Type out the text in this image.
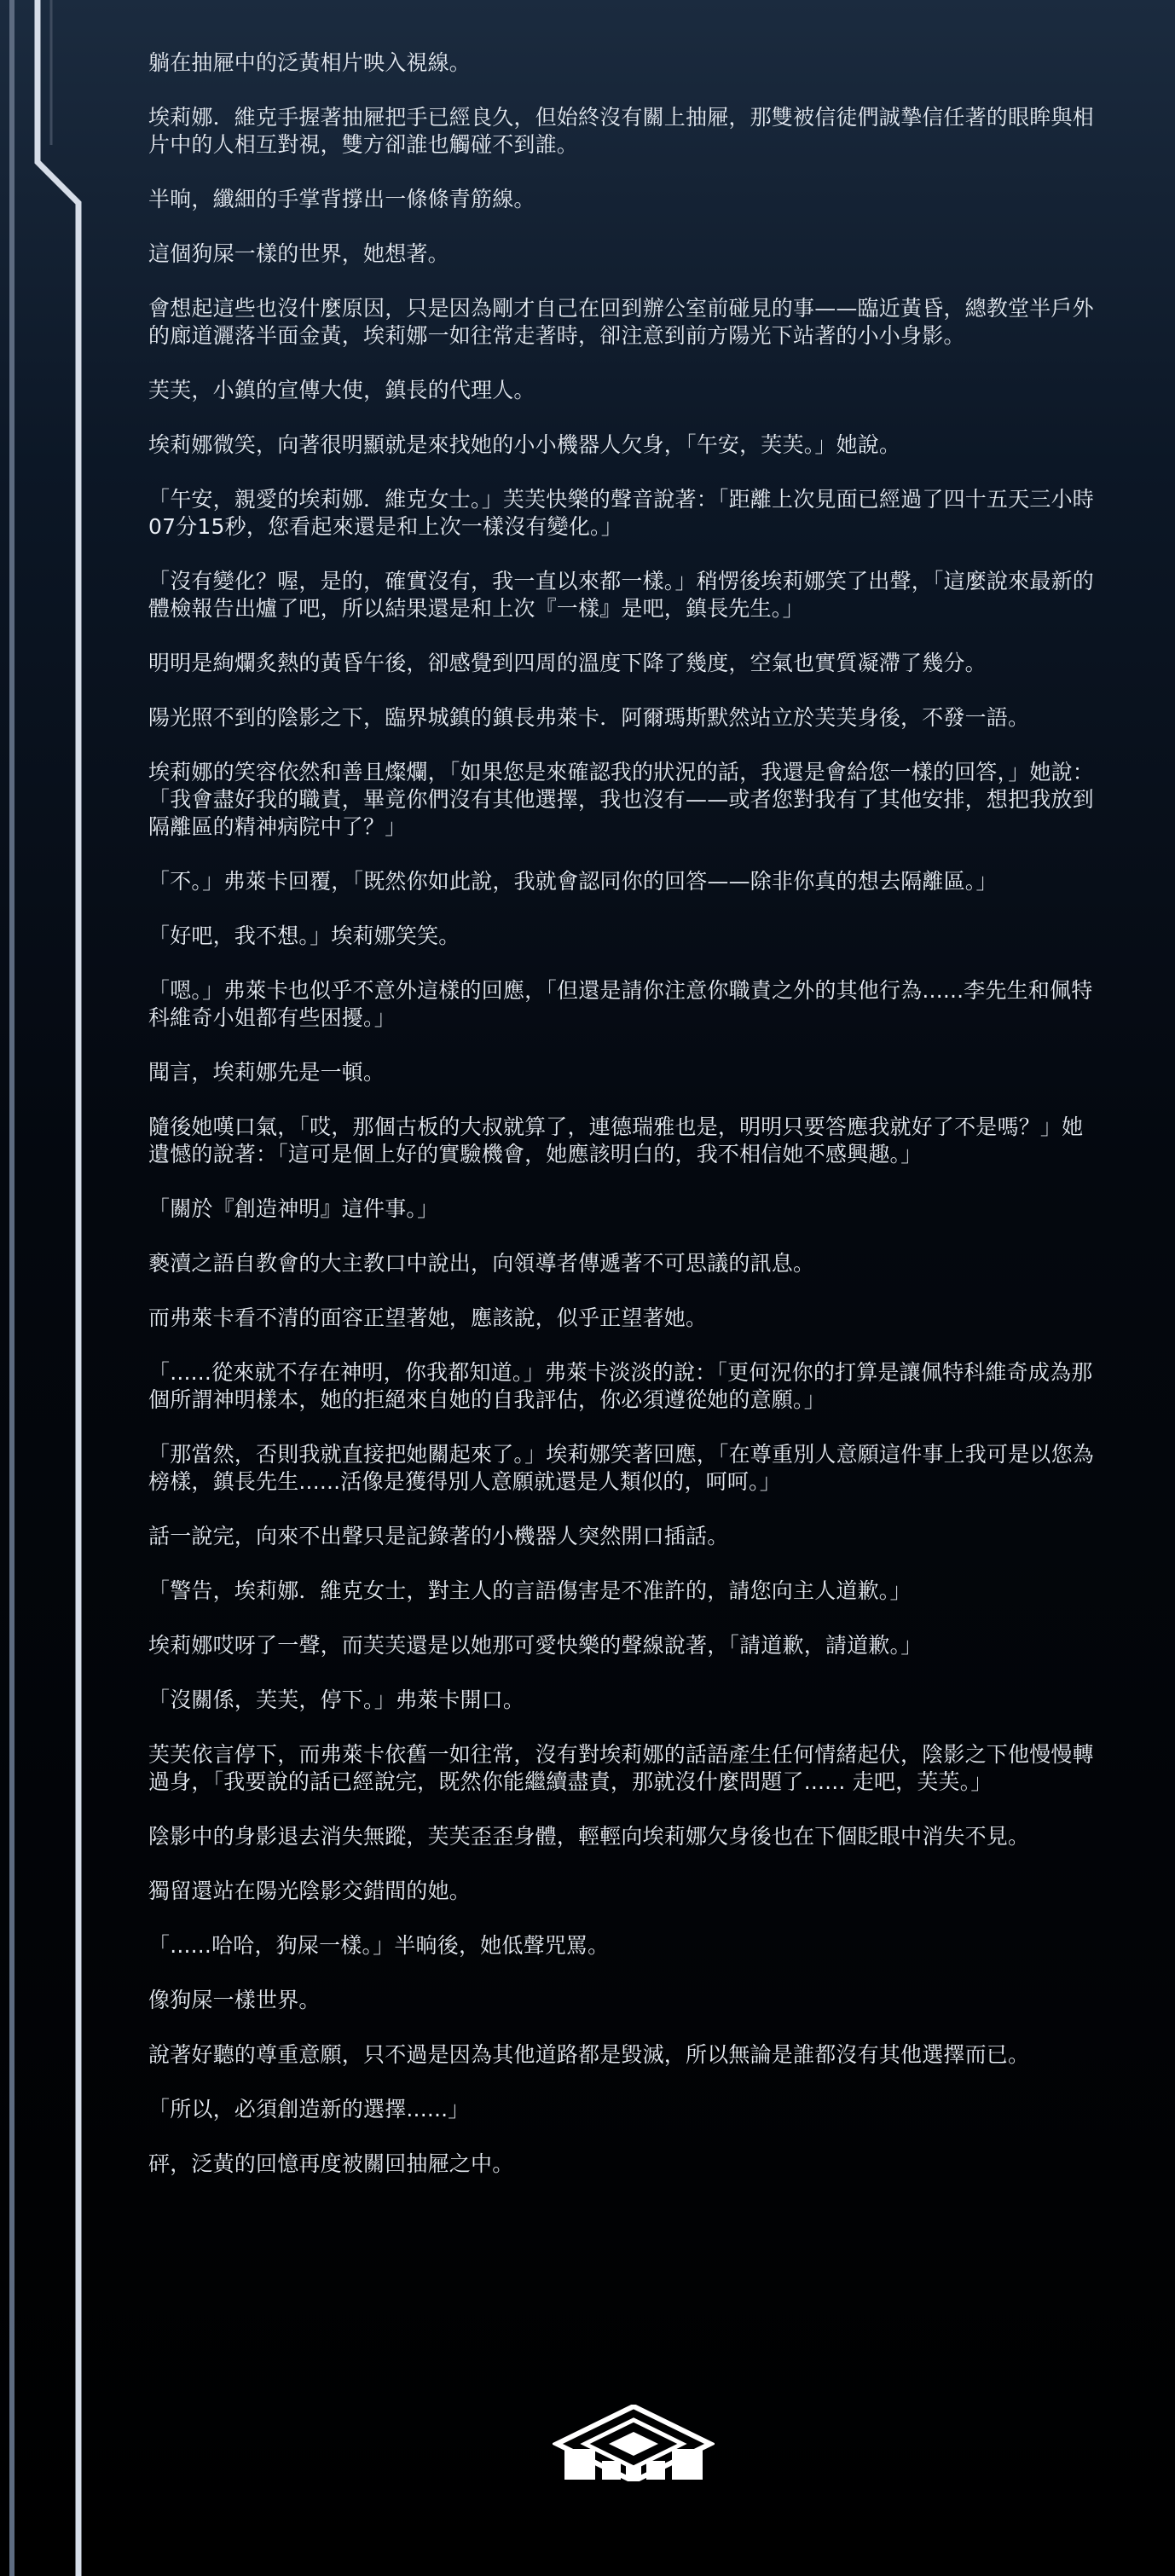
躺在抽屜中的泛黃相片映入視線。

埃莉娜．維克手握著抽屜把手已經良久，但始終沒有關上抽屜，那雙被信徒們誠摯信任著的眼眸與相片中的人相互對視，雙方卻誰也觸碰不到誰。

半晌，纖細的手掌背撐出一條條青筋線。

這個狗屎一樣的世界，她想著。

會想起這些也沒什麼原因，只是因為剛才自己在回到辦公室前碰見的事——臨近黃昏，總教堂半戶外的廊道灑落半面金黃，埃莉娜一如往常走著時，卻注意到前方陽光下站著的小小身影。

芙芙，小鎮的宣傳大使，鎮長的代理人。

埃莉娜微笑，向著很明顯就是來找她的小小機器人欠身，「午安，芙芙。」她說。

「午安，親愛的埃莉娜．維克女士。」芙芙快樂的聲音說著：「距離上次見面已經過了四十五天三小時07分15秒，您看起來還是和上次一樣沒有變化。」

「沒有變化？喔，是的，確實沒有，我一直以來都一樣。」稍愣後埃莉娜笑了出聲，「這麼說來最新的體檢報告出爐了吧，所以結果還是和上次『一樣』是吧，鎮長先生。」

明明是絢爛炙熱的黃昏午後，卻感覺到四周的溫度下降了幾度，空氣也實質凝滯了幾分。

陽光照不到的陰影之下，臨界城鎮的鎮長弗萊卡．阿爾瑪斯默然站立於芙芙身後，不發一語。

埃莉娜的笑容依然和善且燦爛，「如果您是來確認我的狀況的話，我還是會給您一樣的回答，」她說：「我會盡好我的職責，畢竟你們沒有其他選擇，我也沒有——或者您對我有了其他安排，想把我放到隔離區的精神病院中了？」

「不。」弗萊卡回覆，「既然你如此說，我就會認同你的回答——除非你真的想去隔離區。」

「好吧，我不想。」埃莉娜笑笑。

「嗯。」弗萊卡也似乎不意外這樣的回應，「但還是請你注意你職責之外的其他行為......李先生和佩特科維奇小姐都有些困擾。」

聞言，埃莉娜先是一頓。

隨後她嘆口氣，「哎，那個古板的大叔就算了，連德瑞雅也是，明明只要答應我就好了不是嗎？」她遺憾的說著：「這可是個上好的實驗機會，她應該明白的，我不相信她不感興趣。」

「關於『創造神明』這件事。」

褻瀆之語自教會的大主教口中說出，向領導者傳遞著不可思議的訊息。

而弗萊卡看不清的面容正望著她，應該說，似乎正望著她。

「......從來就不存在神明，你我都知道。」弗萊卡淡淡的說：「更何況你的打算是讓佩特科維奇成為那個所謂神明樣本，她的拒絕來自她的自我評估，你必須遵從她的意願。」

「那當然，否則我就直接把她關起來了。」埃莉娜笑著回應，「在尊重別人意願這件事上我可是以您為榜樣，鎮長先生......活像是獲得別人意願就還是人類似的，呵呵。」

話一說完，向來不出聲只是記錄著的小機器人突然開口插話。

「警告，埃莉娜．維克女士，對主人的言語傷害是不准許的，請您向主人道歉。」

埃莉娜哎呀了一聲，而芙芙還是以她那可愛快樂的聲線說著，「請道歉，請道歉。」

「沒關係，芙芙，停下。」弗萊卡開口。

芙芙依言停下，而弗萊卡依舊一如往常，沒有對埃莉娜的話語產生任何情緒起伏，陰影之下他慢慢轉過身，「我要說的話已經說完，既然你能繼續盡責，那就沒什麼問題了...... 走吧，芙芙。」

陰影中的身影退去消失無蹤，芙芙歪歪身體，輕輕向埃莉娜欠身後也在下個眨眼中消失不見。

獨留還站在陽光陰影交錯間的她。

「......哈哈，狗屎一樣。」半晌後，她低聲咒罵。

像狗屎一樣世界。

說著好聽的尊重意願，只不過是因為其他道路都是毀滅，所以無論是誰都沒有其他選擇而已。

「所以，必須創造新的選擇......」

砰，泛黃的回憶再度被關回抽屜之中。
